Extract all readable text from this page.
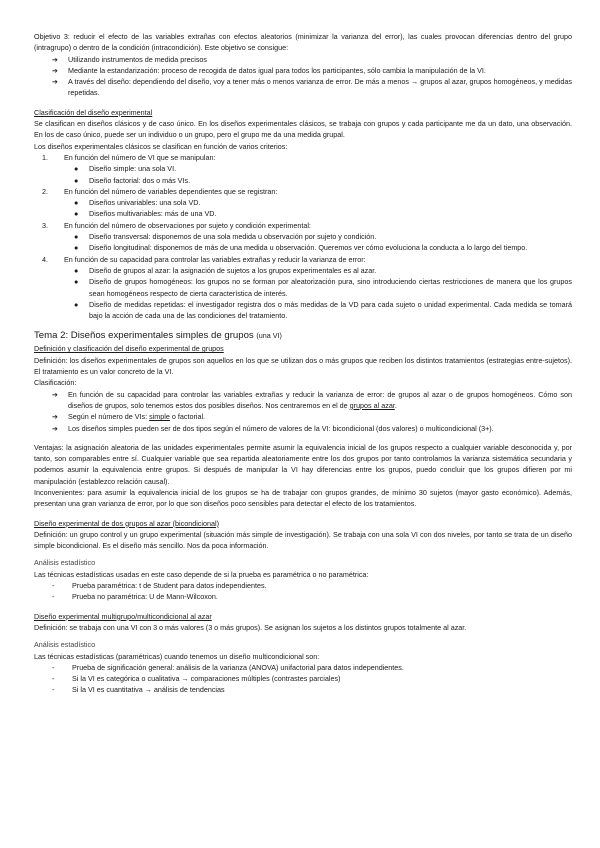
Objetivo 3: reducir el efecto de las variables extrañas con efectos aleatorios (minimizar la varianza del error), las cuales provocan diferencias dentro del grupo (intragrupo) o dentro de la condición (intracondición). Este objetivo se consigue:

➔	Utilizando instrumentos de medida precisos
➔	Mediante la estandarización: proceso de recogida de datos igual para todos los participantes, sólo cambia la manipulación de la VI.
➔	A través del diseño: dependiendo del diseño, voy a tener más o menos varianza de error. De más a menos → grupos al azar, grupos homogéneos, y medidas repetidas.

Clasificación del diseño experimental

Se clasifican en diseños clásicos y de caso único. En los diseños experimentales clásicos, se trabaja con grupos y cada participante me da un dato, una observación. En los de caso único, puede ser un individuo o un grupo, pero el grupo me da una medida grupal.

Los diseños experimentales clásicos se clasifican en función de varios criterios:

1.	En función del número de VI que se manipulan:
●	Diseño simple: una sola VI.
●	Diseño factorial: dos o más VIs.
2.	En función del número de variables dependientes que se registran:
●	Diseños univariables: una sola VD.
●	Diseños multivariables: más de una VD.
3.	En función del número de observaciones por sujeto y condición experimental:
●	Diseño transversal: disponemos de una sola medida u observación por sujeto y condición.
●	Diseño longitudinal: disponemos de más de una medida u observación. Queremos ver cómo evoluciona la conducta a lo largo del tiempo.
4.	En función de su capacidad para controlar las variables extrañas y reducir la varianza de error:
●	Diseño de grupos al azar: la asignación de sujetos a los grupos experimentales es al azar.
●	Diseño de grupos homogéneos: los grupos no se forman por aleatorización pura, sino introduciendo ciertas restricciones de manera que los grupos sean homogéneos respecto de cierta característica de interés.
●	Diseño de medidas repetidas: el investigador registra dos o más medidas de la VD para cada sujeto o unidad experimental. Cada medida se tomará bajo la acción de cada una de las condiciones del tratamiento.

Tema 2: Diseños experimentales simples de grupos (una VI)

Definición y clasificación del diseño experimental de grupos

Definición: los diseños experimentales de grupos son aquellos en los que se utilizan dos o más grupos que reciben los distintos tratamientos (estrategias entre-sujetos). El tratamiento es un valor concreto de la VI.

Clasificación:

➔	En función de su capacidad para controlar las variables extrañas y reducir la varianza de error: de grupos al azar o de grupos homogéneos. Cómo son diseños de grupos, solo tenemos estos dos posibles diseños. Nos centraremos en el de grupos al azar.
➔	Según el número de VIs: simple o factorial.
➔	Los diseños simples pueden ser de dos tipos según el número de valores de la VI: bicondicional (dos valores) o multicondicional (3+).

Ventajas: la asignación aleatoria de las unidades experimentales permite asumir la equivalencia inicial de los grupos respecto a cualquier variable desconocida y, por tanto, son comparables entre sí. Cualquier variable que sea repartida aleatoriamente entre los dos grupos por tanto controlamos la varianza sistemática secundaria y podemos asumir la equivalencia entre grupos. Si después de manipular la VI hay diferencias entre los grupos, puedo concluir que los grupos difieren por mi manipulación (establezco relación causal).

Inconvenientes: para asumir la equivalencia inicial de los grupos se ha de trabajar con grupos grandes, de mínimo 30 sujetos (mayor gasto económico). Además, presentan una gran varianza de error, por lo que son diseños poco sensibles para detectar el efecto de los tratamientos.

Diseño experimental de dos grupos al azar (bicondicional)

Definición: un grupo control y un grupo experimental (situación más simple de investigación). Se trabaja con una sola VI con dos niveles, por tanto se trata de un diseño simple bicondicional. Es el diseño más sencillo. Nos da poca información.

Análisis estadístico

Las técnicas estadísticas usadas en este caso depende de si la prueba es paramétrica o no paramétrica:

-	Prueba paramétrica: t de Student para datos independientes.
-	Prueba no paramétrica: U de Mann-Wilcoxon.

Diseño experimental multigrupo/multicondicional al azar

Definición: se trabaja con una VI con 3 o más valores (3 o más grupos). Se asignan los sujetos a los distintos grupos totalmente al azar.

Análisis estadístico

Las técnicas estadísticas (paramétricas) cuando tenemos un diseño multicondicional son:

-	Prueba de significación general: análisis de la varianza (ANOVA) unifactorial para datos independientes.
-	Si la VI es categórica o cualitativa → comparaciones múltiples (contrastes parciales)
-	Si la VI es cuantitativa → análisis de tendencias
